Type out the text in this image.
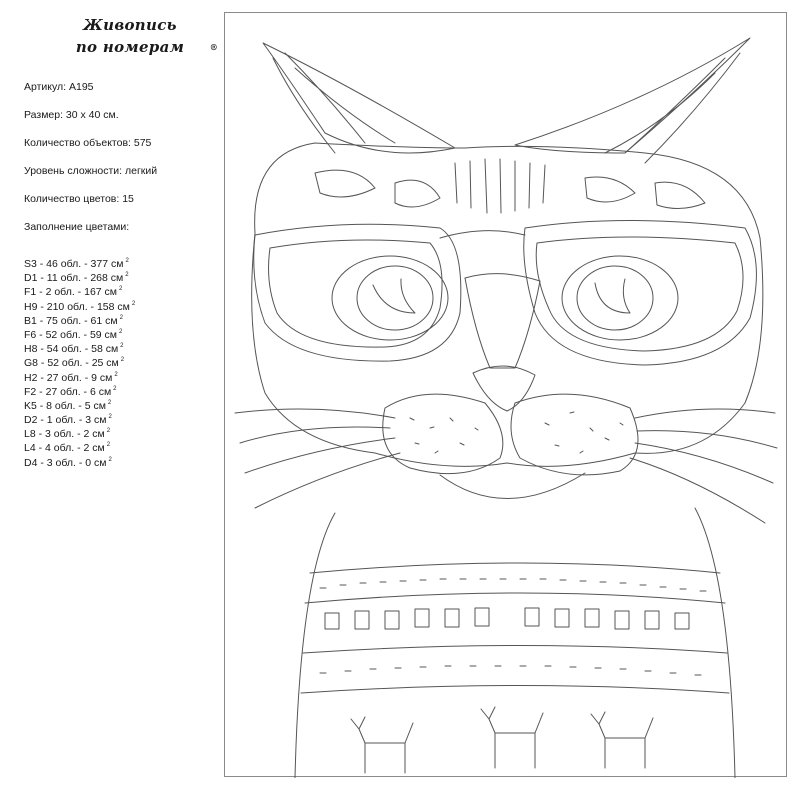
Живопись
по номерам	®
Артикул: А195
Размер: 30 х 40 см.
Количество объектов: 575
Уровень сложности: легкий
Количество цветов: 15
Заполнение цветами:
S3 - 46 обл. - 377 см $^2$
D1 - 11 обл. - 268 см $^2$
F1 - 2 обл. - 167 см $^2$
H9 - 210 обл. - 158 см $^2$
B1 - 75 обл. - 61 см $^2$
F6 - 52 обл. - 59 см $^2$
H8 - 54 обл. - 58 см $^2$
G8 - 52 обл. - 25 см $^2$
H2 - 27 обл. - 9 см $^2$
F2 - 27 обл. - 6 см $^2$
K5 - 8 обл. - 5 см $^2$
D2 - 1 обл. - 3 см $^2$
L8 - 3 обл. - 2 см $^2$
L4 - 4 обл. - 2 см $^2$
D4 - 3 обл. - 0 см $^2$
